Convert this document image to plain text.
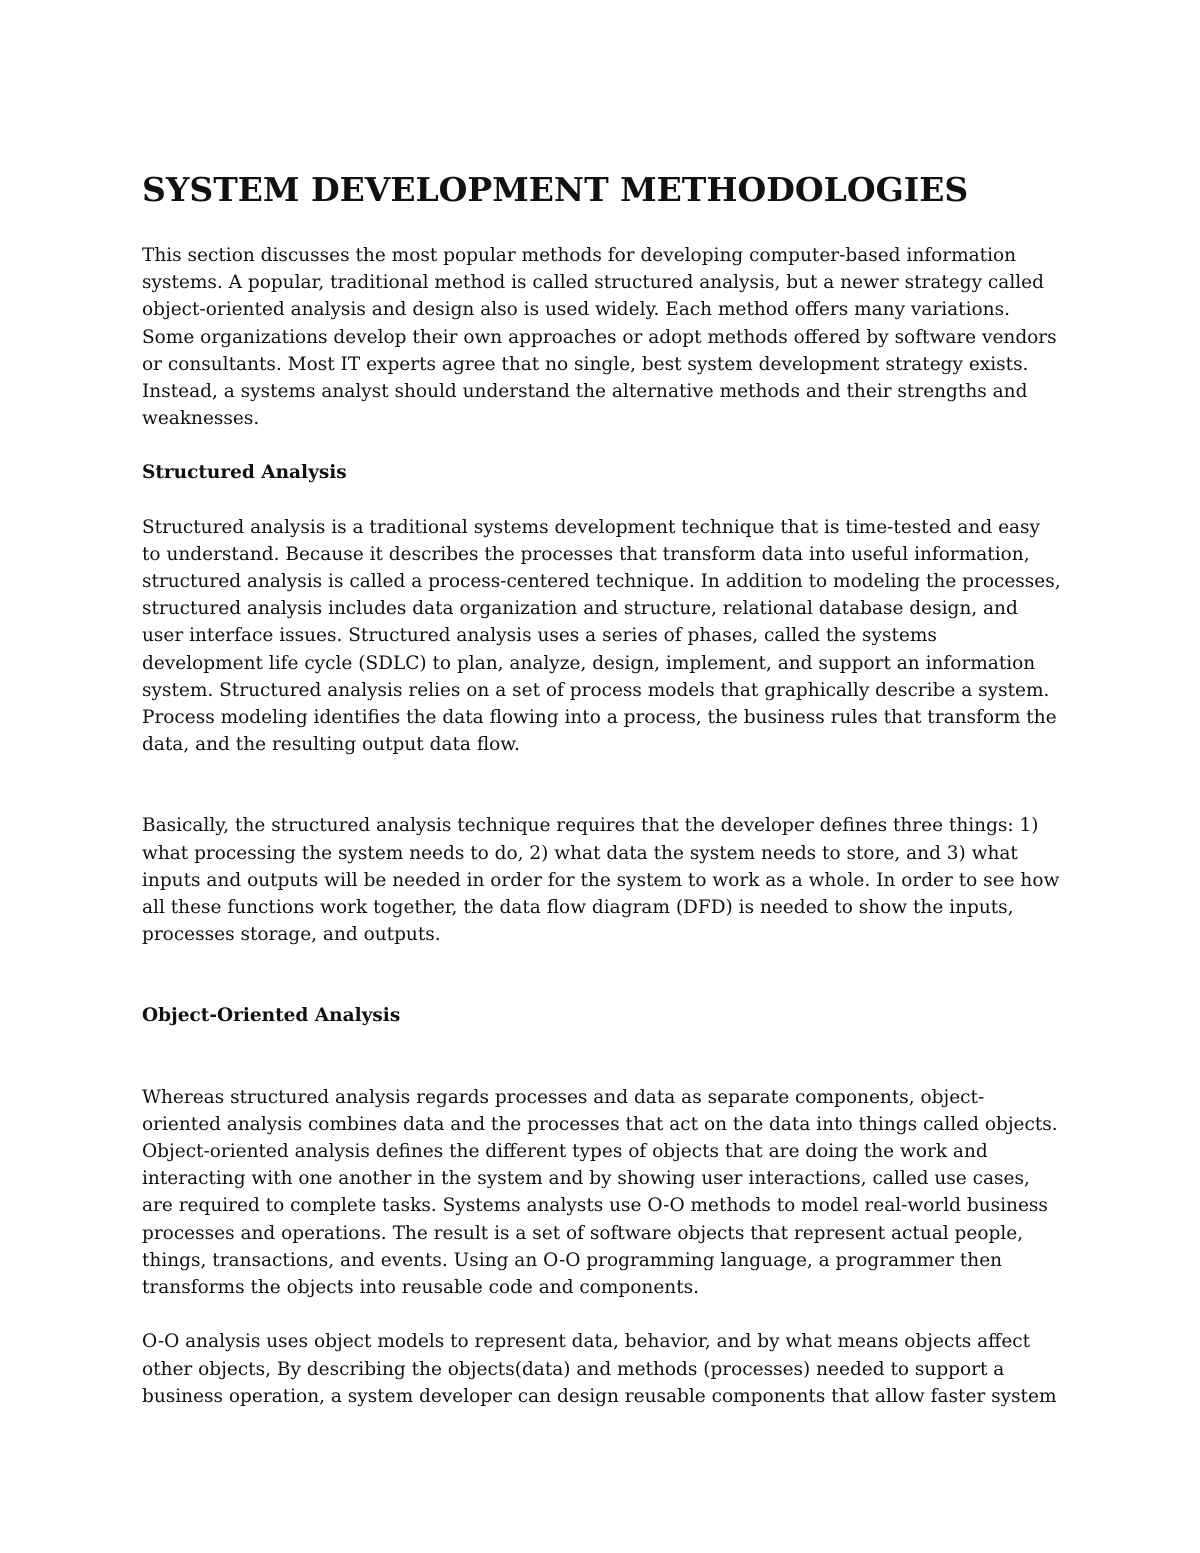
SYSTEM DEVELOPMENT METHODOLOGIES

This section discusses the most popular methods for developing computer-based information systems. A popular, traditional method is called structured analysis, but a newer strategy called object-oriented analysis and design also is used widely. Each method offers many variations. Some organizations develop their own approaches or adopt methods offered by software vendors or consultants. Most IT experts agree that no single, best system development strategy exists. Instead, a systems analyst should understand the alternative methods and their strengths and weaknesses.

Structured Analysis

Structured analysis is a traditional systems development technique that is time-tested and easy to understand. Because it describes the processes that transform data into useful information, structured analysis is called a process-centered technique. In addition to modeling the processes, structured analysis includes data organization and structure, relational database design, and user interface issues. Structured analysis uses a series of phases, called the systems development life cycle (SDLC) to plan, analyze, design, implement, and support an information system. Structured analysis relies on a set of process models that graphically describe a system. Process modeling identifies the data flowing into a process, the business rules that transform the data, and the resulting output data flow.

Basically, the structured analysis technique requires that the developer defines three things: 1) what processing the system needs to do, 2) what data the system needs to store, and 3) what inputs and outputs will be needed in order for the system to work as a whole. In order to see how all these functions work together, the data flow diagram (DFD) is needed to show the inputs, processes storage, and outputs.

Object-Oriented Analysis

Whereas structured analysis regards processes and data as separate components, object-oriented analysis combines data and the processes that act on the data into things called objects. Object-oriented analysis defines the different types of objects that are doing the work and interacting with one another in the system and by showing user interactions, called use cases, are required to complete tasks. Systems analysts use O-O methods to model real-world business processes and operations. The result is a set of software objects that represent actual people, things, transactions, and events. Using an O-O programming language, a programmer then transforms the objects into reusable code and components.

O-O analysis uses object models to represent data, behavior, and by what means objects affect other objects, By describing the objects(data) and methods (processes) needed to support a business operation, a system developer can design reusable components that allow faster system
